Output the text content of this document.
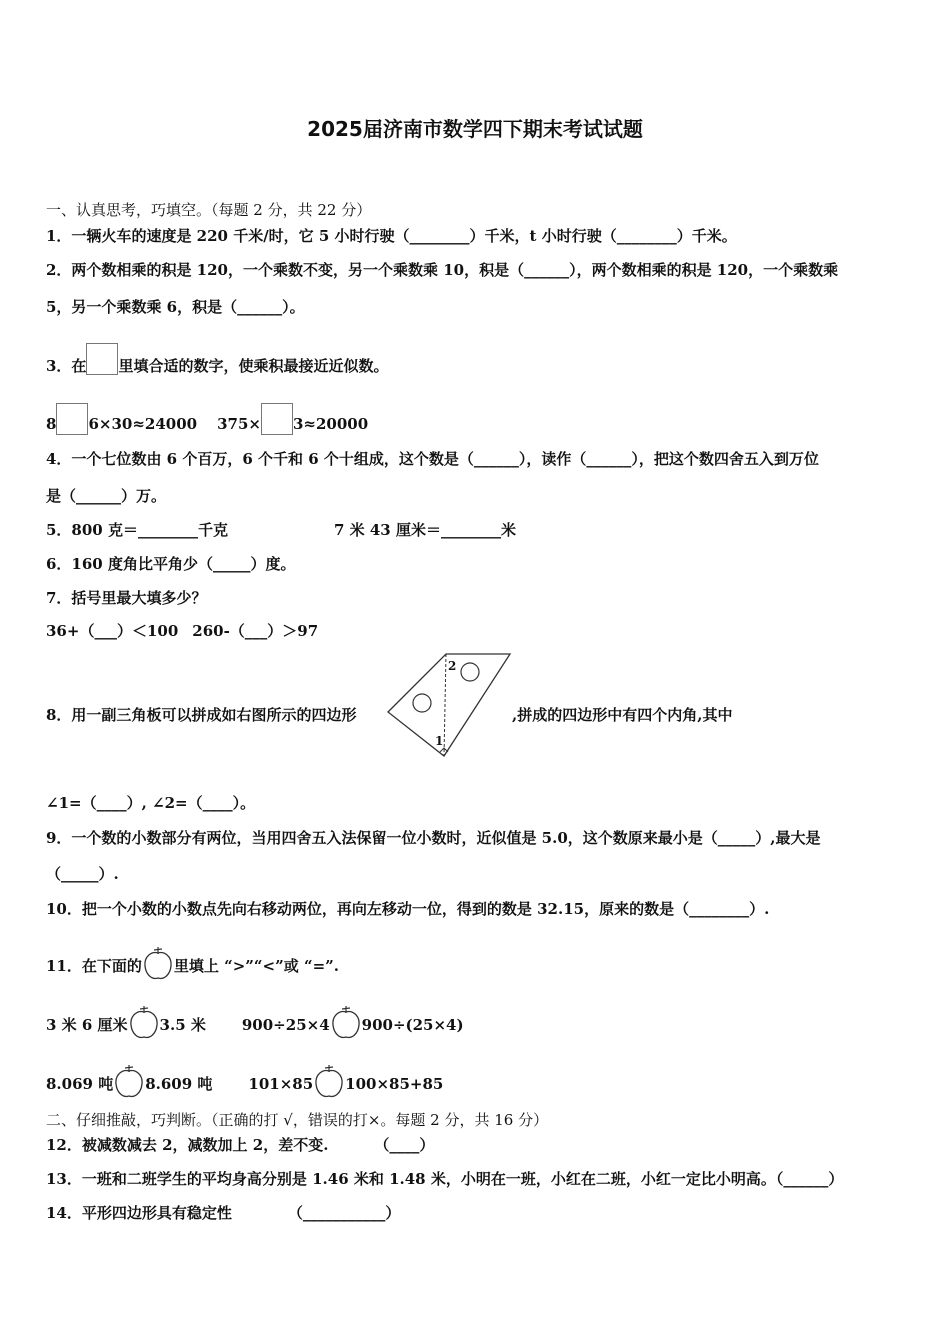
2025届济南市数学四下期末考试试题
一、认真思考，巧填空。（每题 2 分，共 22 分）
1．一辆火车的速度是 220 千米/时，它 5 小时行驶（________）千米，t 小时行驶（________）千米。
2．两个数相乘的积是 120，一个乘数不变，另一个乘数乘 10，积是（______），两个数相乘的积是 120，一个乘数乘
5，另一个乘数乘 6，积是（______）。
3．在 里填合适的数字，使乘积最接近近似数。
8 6×30≈24000 375× 3≈20000
4．一个七位数由 6 个百万，6 个千和 6 个十组成，这个数是（______），读作（______），把这个数四舍五入到万位
是（______）万。
5．800 克＝________千克	7 米 43 厘米＝________米
6．160 度角比平角少（_____）度。
7．括号里最大填多少？
36+（___）＜100 260-（___）＞97
8．用一副三角板可以拼成如右图所示的四边形
2
1
,拼成的四边形中有四个内角,其中
∠1=（____）, ∠2=（____）。
9．一个数的小数部分有两位，当用四舍五入法保留一位小数时，近似值是 5.0，这个数原来最小是（_____）,最大是
（_____）.
10．把一个小数的小数点先向右移动两位，再向左移动一位，得到的数是 32.15，原来的数是（________）.
11．在下面的 里填上 “>”“<”或 “=”.
3 米 6 厘米 3.5 米 900÷25×4 900÷(25×4)
8.069 吨 8.609 吨 101×85 100×85+85
二、仔细推敲，巧判断。（正确的打 √，错误的打×。每题 2 分，共 16 分）
12．被减数减去 2，减数加上 2，差不变.	（____）
13．一班和二班学生的平均身高分别是 1.46 米和 1.48 米，小明在一班，小红在二班，小红一定比小明高。（______）
14．平形四边形具有稳定性	（___________）
